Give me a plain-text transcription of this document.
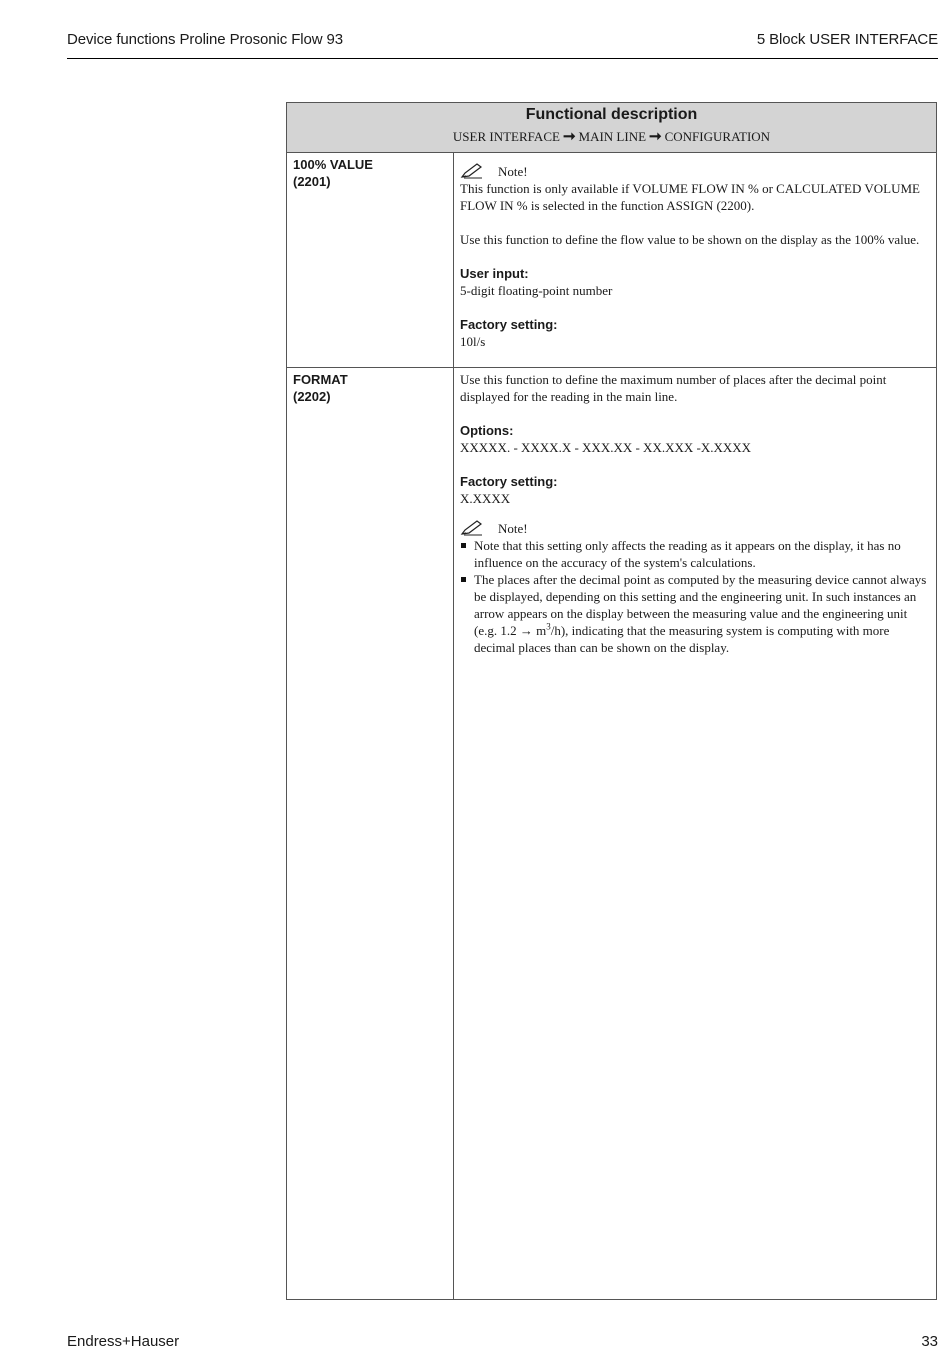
Device functions Proline Prosonic Flow 93	5 Block USER INTERFACE
Functional description
USER INTERFACE ➞ MAIN LINE ➞ CONFIGURATION
100% VALUE
(2201)
Note!
This function is only available if VOLUME FLOW IN % or CALCULATED VOLUME FLOW IN % is selected in the function ASSIGN (2200).
Use this function to define the flow value to be shown on the display as the 100% value.
User input:
5-digit floating-point number
Factory setting:
10l/s
FORMAT
(2202)
Use this function to define the maximum number of places after the decimal point displayed for the reading in the main line.
Options:
XXXXX. - XXXX.X - XXX.XX - XX.XXX -X.XXXX
Factory setting:
X.XXXX
Note!
Note that this setting only affects the reading as it appears on the display, it has no influence on the accuracy of the system's calculations.
The places after the decimal point as computed by the measuring device cannot always be displayed, depending on this setting and the engineering unit. In such instances an arrow appears on the display between the measuring value and the engineering unit (e.g. $1.2 \to m^3/h$), indicating that the measuring system is computing with more decimal places than can be shown on the display.
Endress+Hauser	33
